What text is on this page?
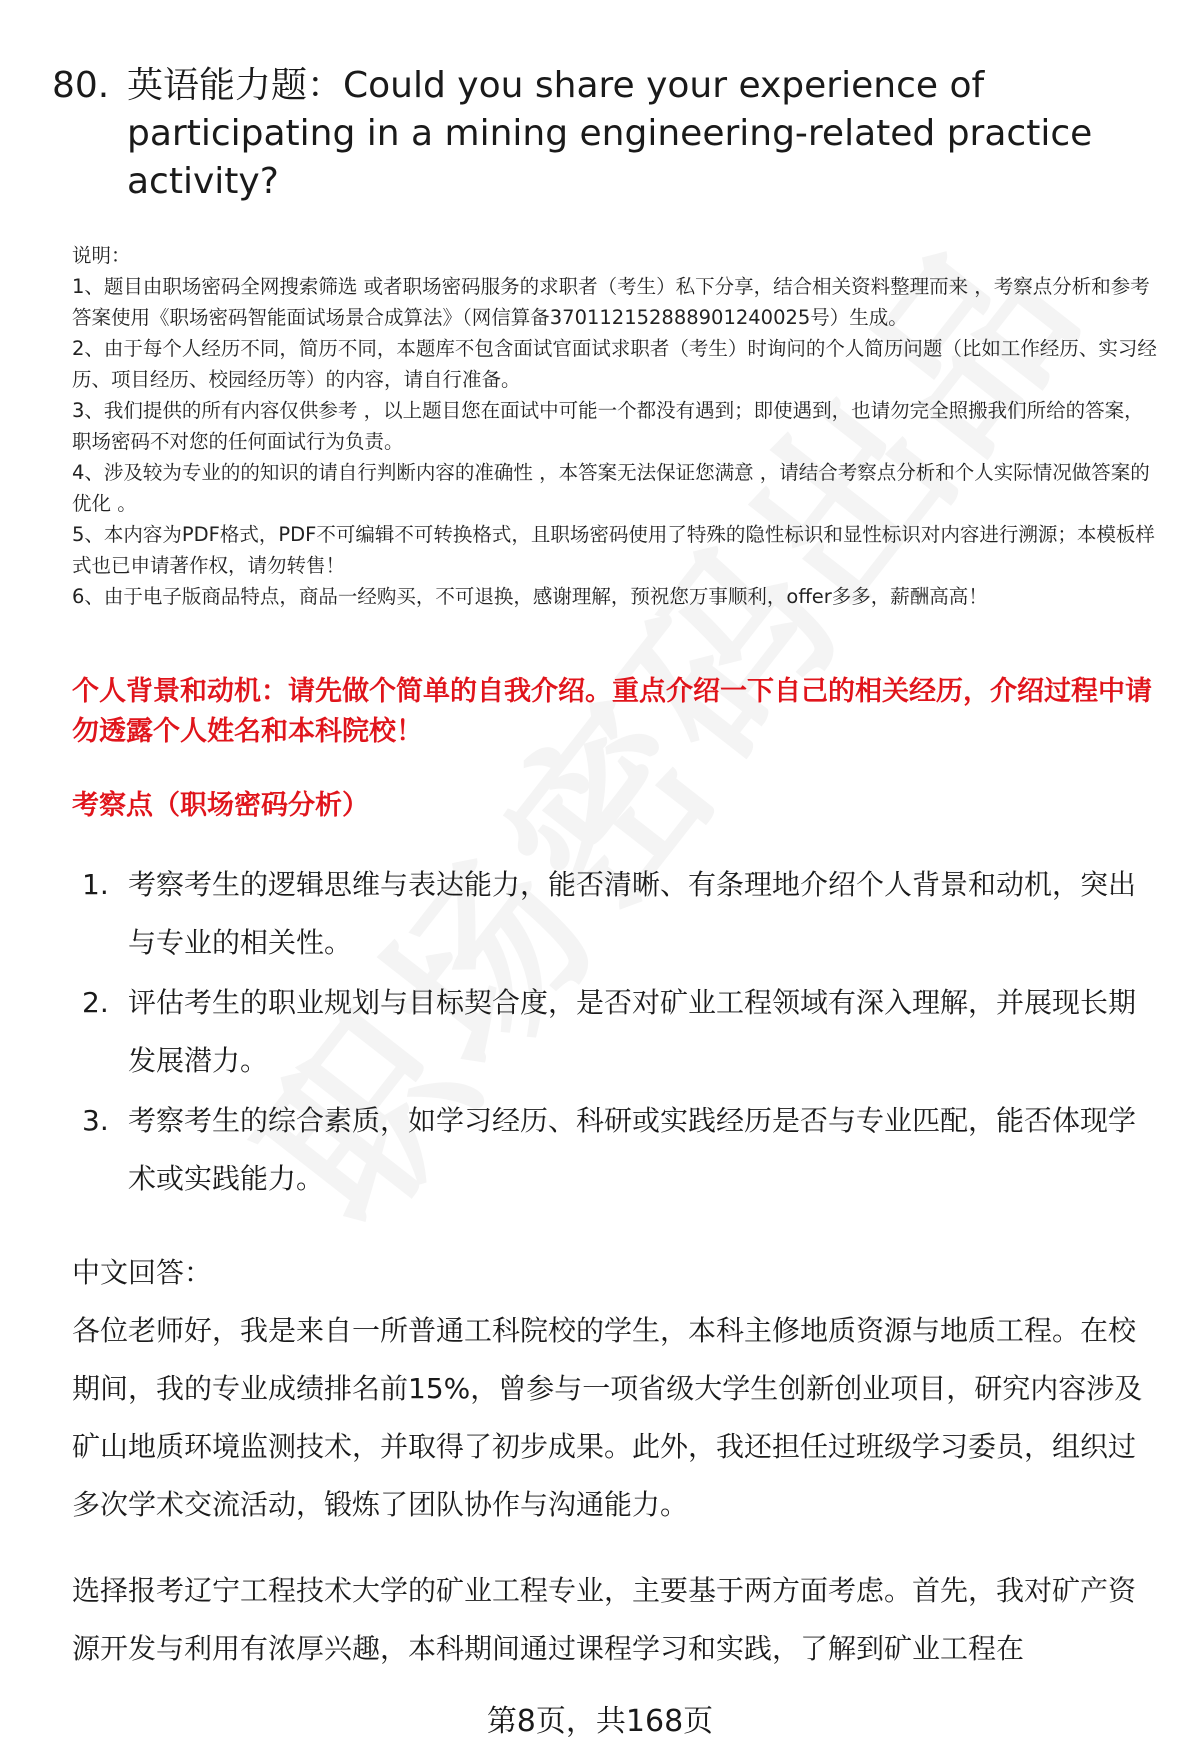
80. 英语能力题：Could you share your experience of participating in a mining engineering-related practice activity?
说明：
1、题目由职场密码全网搜索筛选 或者职场密码服务的求职者（考生）私下分享，结合相关资料整理而来 ，考察点分析和参考答案使用《职场密码智能面试场景合成算法》（网信算备370112152888901240025号）生成。
2、由于每个人经历不同，简历不同，本题库不包含面试官面试求职者（考生）时询问的个人简历问题（比如工作经历、实习经历、项目经历、校园经历等）的内容，请自行准备。
3、我们提供的所有内容仅供参考 ，以上题目您在面试中可能一个都没有遇到；即使遇到，也请勿完全照搬我们所给的答案，职场密码不对您的任何面试行为负责。
4、涉及较为专业的的知识的请自行判断内容的准确性 ，本答案无法保证您满意 ，请结合考察点分析和个人实际情况做答案的优化 。
5、本内容为PDF格式，PDF不可编辑不可转换格式，且职场密码使用了特殊的隐性标识和显性标识对内容进行溯源；本模板样式也已申请著作权，请勿转售！
6、由于电子版商品特点，商品一经购买，不可退换，感谢理解，预祝您万事顺利，offer多多，薪酬高高！
个人背景和动机：请先做个简单的自我介绍。重点介绍一下自己的相关经历，介绍过程中请勿透露个人姓名和本科院校！
考察点（职场密码分析）
1. 考察考生的逻辑思维与表达能力，能否清晰、有条理地介绍个人背景和动机，突出与专业的相关性。
2. 评估考生的职业规划与目标契合度，是否对矿业工程领域有深入理解，并展现长期发展潜力。
3. 考察考生的综合素质，如学习经历、科研或实践经历是否与专业匹配，能否体现学术或实践能力。
中文回答：

各位老师好，我是来自一所普通工科院校的学生，本科主修地质资源与地质工程。在校期间，我的专业成绩排名前15%，曾参与一项省级大学生创新创业项目，研究内容涉及矿山地质环境监测技术，并取得了初步成果。此外，我还担任过班级学习委员，组织过多次学术交流活动，锻炼了团队协作与沟通能力。

选择报考辽宁工程技术大学的矿业工程专业，主要基于两方面考虑。首先，我对矿产资源开发与利用有浓厚兴趣，本科期间通过课程学习和实践，了解到矿业工程在

第8页，共168页
